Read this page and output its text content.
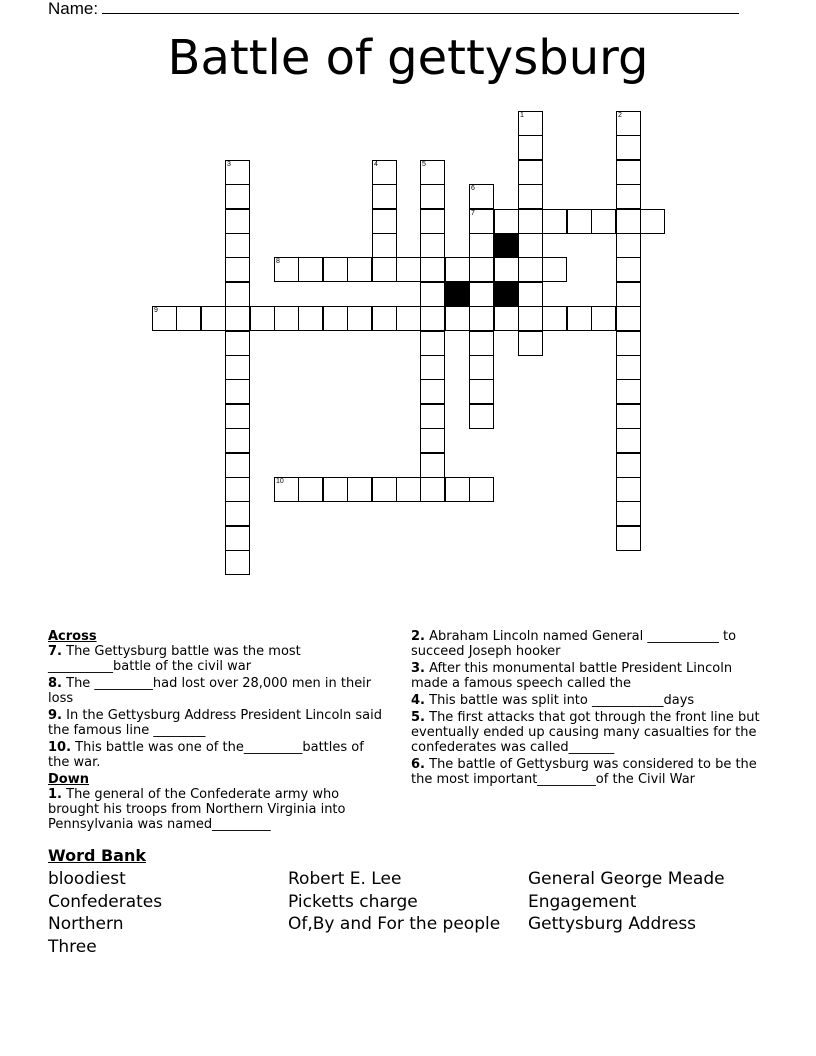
Name:
Battle of gettysburg
1	2
3	4	5
6
7
8
9
10
Across
7. The Gettysburg battle was the most __________battle of the civil war
8. The _________had lost over 28,000 men in their loss
9. In the Gettysburg Address President Lincoln said the famous line ________
10. This battle was one of the_________battles of the war.
Down
1. The general of the Confederate army who brought his troops from Northern Virginia into Pennsylvania was named_________
2. Abraham Lincoln named General ___________ to succeed Joseph hooker
3. After this monumental battle President Lincoln made a famous speech called the
4. This battle was split into ___________days
5. The first attacks that got through the front line but eventually ended up causing many casualties for the confederates was called_______
6. The battle of Gettysburg was considered to be the the most important_________of the Civil War
Word Bank
bloodiest
Confederates
Northern
Three
Robert E. Lee
Picketts charge
Of,By and For the people
General George Meade
Engagement
Gettysburg Address
